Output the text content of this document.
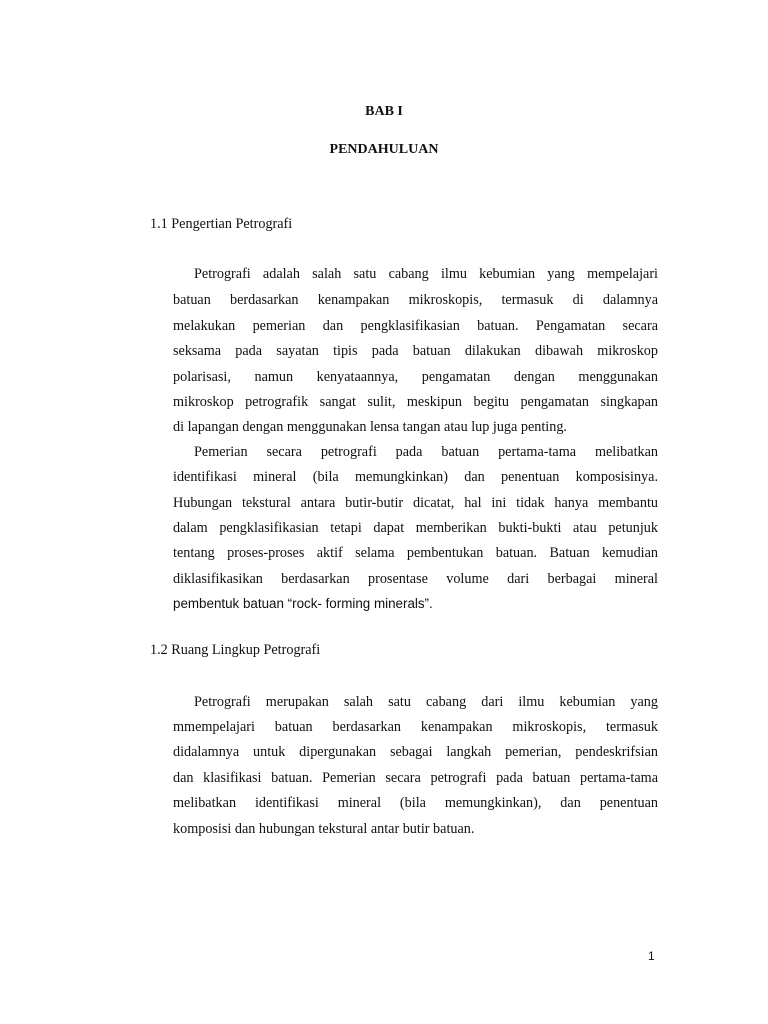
BAB I
PENDAHULUAN
1.1 Pengertian Petrografi
Petrografi adalah salah satu cabang ilmu kebumian yang mempelajari
batuan berdasarkan kenampakan mikroskopis, termasuk di dalamnya
melakukan pemerian dan pengklasifikasian batuan. Pengamatan secara
seksama pada sayatan tipis pada batuan dilakukan dibawah mikroskop
polarisasi, namun kenyataannya, pengamatan dengan menggunakan
mikroskop petrografik sangat sulit, meskipun begitu pengamatan singkapan
di lapangan dengan menggunakan lensa tangan atau lup juga penting.
Pemerian secara petrografi pada batuan pertama-tama melibatkan
identifikasi mineral (bila memungkinkan) dan penentuan komposisinya.
Hubungan tekstural antara butir-butir dicatat, hal ini tidak hanya membantu
dalam pengklasifikasian tetapi dapat memberikan bukti-bukti atau petunjuk
tentang proses-proses aktif selama pembentukan batuan. Batuan kemudian
diklasifikasikan berdasarkan prosentase volume dari berbagai mineral
pembentuk batuan “rock- forming minerals”.
1.2 Ruang Lingkup Petrografi
Petrografi merupakan salah satu cabang dari ilmu kebumian yang
mmempelajari batuan berdasarkan kenampakan mikroskopis, termasuk
didalamnya untuk dipergunakan sebagai langkah pemerian, pendeskrifsian
dan klasifikasi batuan. Pemerian secara petrografi pada batuan pertama-tama
melibatkan identifikasi mineral (bila memungkinkan), dan penentuan
komposisi dan hubungan tekstural antar butir batuan.
1
